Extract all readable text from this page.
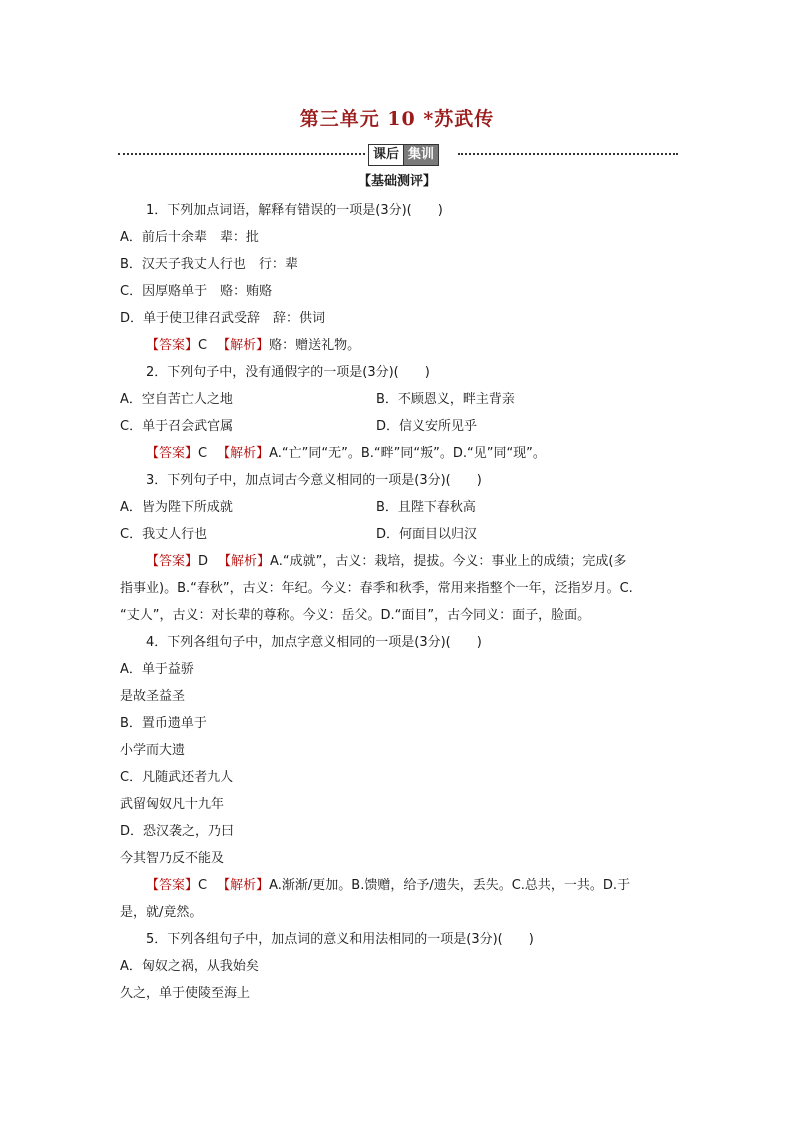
第三单元 10 *苏武传
课后 集训
【基础测评】
1．下列加点词语，解释有错误的一项是(3分)(　　)
A．前后十余辈　辈：批
B．汉天子我丈人行也　行：辈
C．因厚赂单于　赂：贿赂
D．单于使卫律召武受辞　辞：供词
【答案】C 【解析】赂：赠送礼物。
2．下列句子中，没有通假字的一项是(3分)(　　)
A．空自苦亡人之地	B．不顾恩义，畔主背亲
C．单于召会武官属	D．信义安所见乎
【答案】C 【解析】A.“亡”同“无”。B.“畔”同“叛”。D.“见”同“现”。
3．下列句子中，加点词古今意义相同的一项是(3分)(　　)
A．皆为陛下所成就	B．且陛下春秋高
C．我丈人行也	D．何面目以归汉
【答案】D 【解析】A.“成就”，古义：栽培，提拔。今义：事业上的成绩；完成(多
指事业)。B.“春秋”，古义：年纪。今义：春季和秋季，常用来指整个一年，泛指岁月。C.
“丈人”，古义：对长辈的尊称。今义：岳父。D.“面目”，古今同义：面子，脸面。
4．下列各组句子中，加点字意义相同的一项是(3分)(　　)
A．单于益骄
是故圣益圣
B．置币遗单于
小学而大遗
C．凡随武还者九人
武留匈奴凡十九年
D．恐汉袭之，乃曰
今其智乃反不能及
【答案】C 【解析】A.渐渐/更加。B.馈赠，给予/遗失，丢失。C.总共，一共。D.于
是，就/竟然。
5．下列各组句子中，加点词的意义和用法相同的一项是(3分)(　　)
A．匈奴之祸，从我始矣
久之，单于使陵至海上
